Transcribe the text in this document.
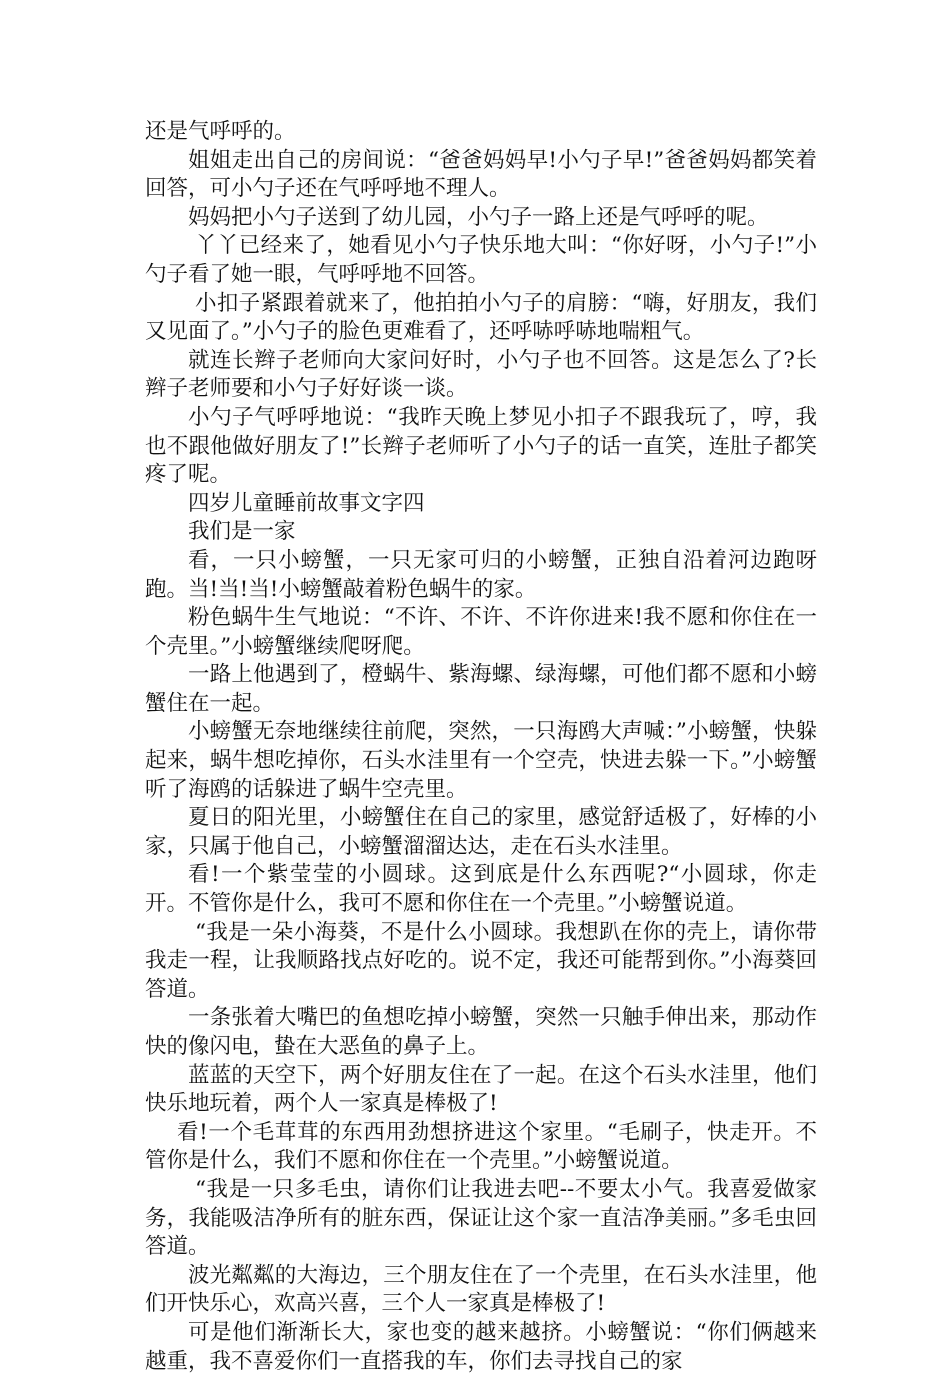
还是气呼呼的。

姐姐走出自己的房间说：“爸爸妈妈早!小勺子早!”爸爸妈妈都笑着回答，可小勺子还在气呼呼地不理人。

妈妈把小勺子送到了幼儿园，小勺子一路上还是气呼呼的呢。

丫丫已经来了，她看见小勺子快乐地大叫：“你好呀，小勺子!”小勺子看了她一眼，气呼呼地不回答。

小扣子紧跟着就来了，他拍拍小勺子的肩膀：“嗨，好朋友，我们又见面了。”小勺子的脸色更难看了，还呼哧呼哧地喘粗气。

就连长辫子老师向大家问好时，小勺子也不回答。这是怎么了?长辫子老师要和小勺子好好谈一谈。

小勺子气呼呼地说：“我昨天晚上梦见小扣子不跟我玩了，哼，我也不跟他做好朋友了!”长辫子老师听了小勺子的话一直笑，连肚子都笑疼了呢。

四岁儿童睡前故事文字四

我们是一家

看，一只小螃蟹，一只无家可归的小螃蟹，正独自沿着河边跑呀跑。当!当!当!小螃蟹敲着粉色蜗牛的家。

粉色蜗牛生气地说：“不许、不许、不许你进来!我不愿和你住在一个壳里。”小螃蟹继续爬呀爬。

一路上他遇到了，橙蜗牛、紫海螺、绿海螺，可他们都不愿和小螃蟹住在一起。

小螃蟹无奈地继续往前爬，突然，一只海鸥大声喊：”小螃蟹，快躲起来，蜗牛想吃掉你，石头水洼里有一个空壳，快进去躲一下。”小螃蟹听了海鸥的话躲进了蜗牛空壳里。

夏日的阳光里，小螃蟹住在自己的家里，感觉舒适极了，好棒的小家，只属于他自己，小螃蟹溜溜达达，走在石头水洼里。

看!一个紫莹莹的小圆球。这到底是什么东西呢?“小圆球，你走开。不管你是什么，我可不愿和你住在一个壳里。”小螃蟹说道。

“我是一朵小海葵，不是什么小圆球。我想趴在你的壳上，请你带我走一程，让我顺路找点好吃的。说不定，我还可能帮到你。”小海葵回答道。

一条张着大嘴巴的鱼想吃掉小螃蟹，突然一只触手伸出来，那动作快的像闪电，蛰在大恶鱼的鼻子上。

蓝蓝的天空下，两个好朋友住在了一起。在这个石头水洼里，他们快乐地玩着，两个人一家真是棒极了!

看!一个毛茸茸的东西用劲想挤进这个家里。“毛刷子，快走开。不管你是什么，我们不愿和你住在一个壳里。”小螃蟹说道。

“我是一只多毛虫，请你们让我进去吧--不要太小气。我喜爱做家务，我能吸洁净所有的脏东西，保证让这个家一直洁净美丽。”多毛虫回答道。

波光粼粼的大海边，三个朋友住在了一个壳里，在石头水洼里，他们开快乐心，欢高兴喜，三个人一家真是棒极了!

可是他们渐渐长大，家也变的越来越挤。小螃蟹说：“你们俩越来越重，我不喜爱你们一直搭我的车，你们去寻找自己的家
